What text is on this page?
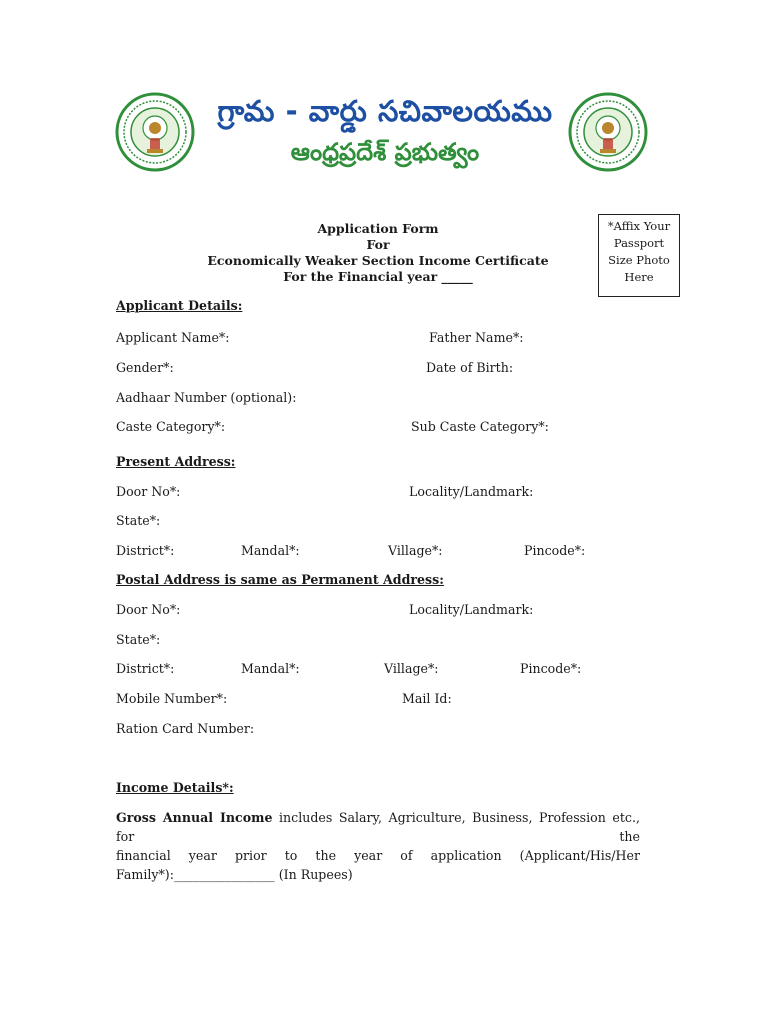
గ్రామ - వార్డు సచివాలయము
ఆంధ్రప్రదేశ్ ప్రభుత్వం
Application Form
For
Economically Weaker Section Income Certificate
For the Financial year _____
*Affix Your
Passport
Size Photo
Here
Applicant Details:
Applicant Name*:	Father Name*:
Gender*:	Date of Birth:
Aadhaar Number (optional):
Caste Category*:	Sub Caste Category*:
Present Address:
Door No*:	Locality/Landmark:
State*:
District*:	Mandal*:	Village*:	Pincode*:
Postal Address is same as Permanent Address:
Door No*:	Locality/Landmark:
State*:
District*:	Mandal*:	Village*:	Pincode*:
Mobile Number*:	Mail Id:
Ration Card Number:
Income Details*:
Gross Annual Income includes Salary, Agriculture, Business, Profession etc., for the
financial year prior to the year of application (Applicant/His/Her
Family*):________________ (In Rupees)
